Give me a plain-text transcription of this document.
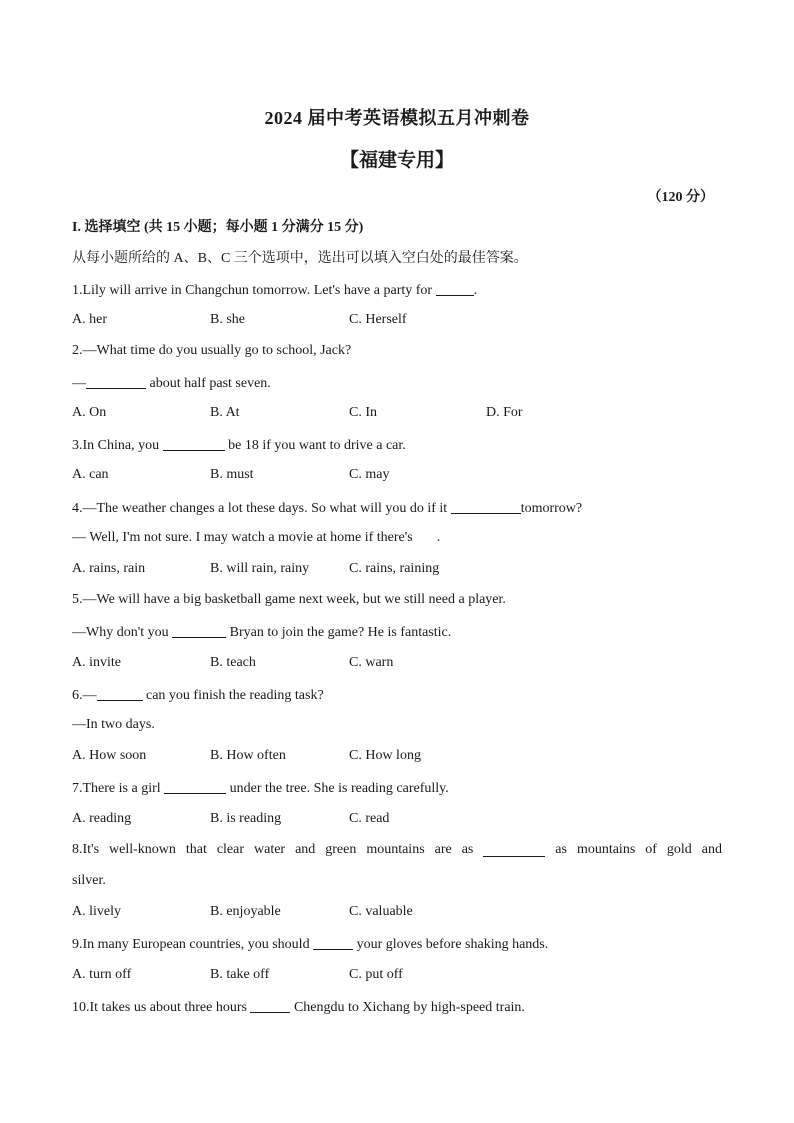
2024 届中考英语模拟五月冲刺卷
【福建专用】
（120 分）
I. 选择填空 (共 15 小题；每小题 1 分满分 15 分)
从每小题所给的 A、B、C 三个选项中，选出可以填入空白处的最佳答案。
1.Lily will arrive in Changchun tomorrow. Let's have a party for	.
A. her	B. she	C. Herself
2.—What time do you usually go to school, Jack?
—	about half past seven.
A. On	B. At	C. In	D. For
3.In China, you	be 18 if you want to drive a car.
A. can	B. must	C. may
4.—The weather changes a lot these days. So what will you do if it	tomorrow?
— Well, I'm not sure. I may watch a movie at home if there's .
A. rains, rain	B. will rain, rainy	C. rains, raining
5.—We will have a big basketball game next week, but we still need a player.
—Why don't you	Bryan to join the game? He is fantastic.
A. invite	B. teach	C. warn
6.—	can you finish the reading task?
—In two days.
A. How soon	B. How often	C. How long
7.There is a girl	under the tree. She is reading carefully.
A. reading	B. is reading	C. read
8.It's well-known that clear water and green mountains are as	as mountains of gold and
silver.
A. lively	B. enjoyable	C. valuable
9.In many European countries, you should	your gloves before shaking hands.
A. turn off	B. take off	C. put off
10.It takes us about three hours	Chengdu to Xichang by high-speed train.
